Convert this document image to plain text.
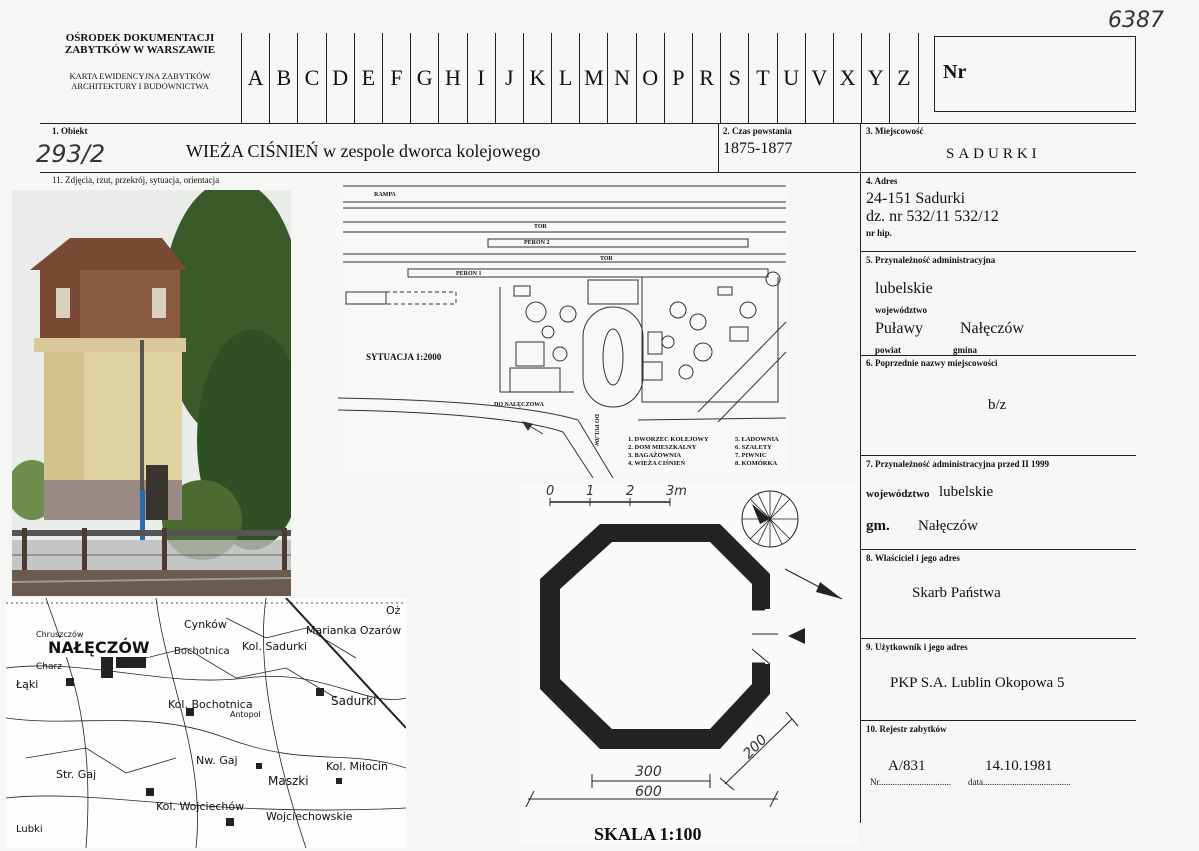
OŚRODEK DOKUMENTACJI
ZABYTKÓW W WARSZAWIE
KARTA EWIDENCYJNA ZABYTKÓW
ARCHITEKTURY I BUDOWNICTWA	A B C D E F G H I J K L M N O P R S T U V X Y Z	Nr
6387
1. Obiekt
293/2	WIEŻA CIŚNIEŃ w zespole dworca kolejowego
2. Czas powstania
1875-1877
3. Miejscowość
SADURKI
4. Adres
24-151 Sadurki
dz. nr 532/11 532/12
nr hip.
5. Przynależność administracyjna
lubelskie
województwo
Puławy Nałęczów
powiat	gmina
6. Poprzednie nazwy miejscowości
b/z
7. Przynależność administracyjna przed II 1999
województwo lubelskie
gm. Nałęczów
8. Właściciel i jego adres
Skarb Państwa
9. Użytkownik i jego adres
PKP S.A. Lublin Okopowa 5
10. Rejestr zabytków
A/831	14.10.1981
Nr................................ data.......................................
11. Zdjęcia, rzut, przekrój, sytuacja, orientacja
RAMPA
TOR
PERON 2
TOR
PERON 1
SYTUACJA 1:2000
DO NAŁĘCZOWA
DO PULAW	1. DWORZEC KOLEJOWY
2. DOM MIESZKALNY
3. BAGAŻOWNIA
4. WIEŻA CIŚNIEŃ
5. ŁADOWNIA
6. SZALETY
7. PIWNIC
8. KOMÓRKA
0 1 2 3m
300
600
200
SKALA 1:100
NAŁĘCZÓW
Cynków
Kol. Sadurki
Marianka Ozarów
Bochotnica
Łąki
Kol. Bochotnica	Sadurki
Str. Gaj
Nw. Gaj
Maszki
Kol. Miłocin
Kol. Wojciechów
Wojciechowskie
Lubki
Antopol
Charz
Chruszczów
Oż
